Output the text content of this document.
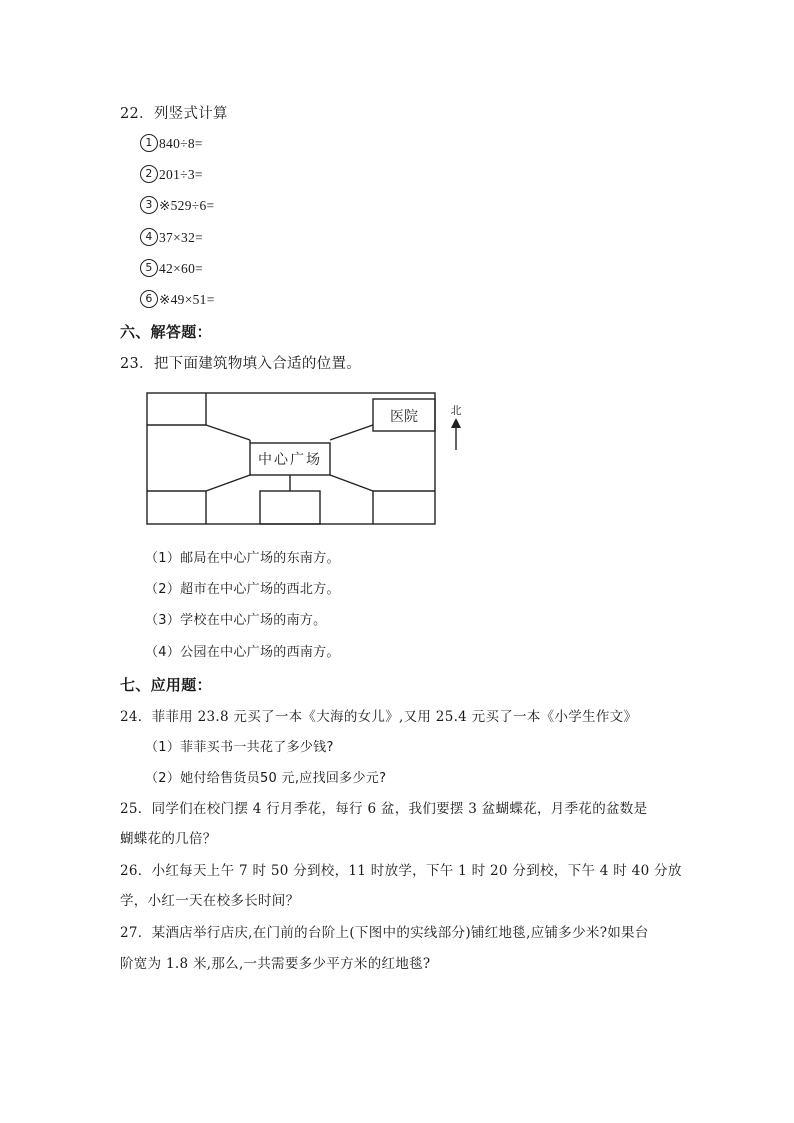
22．列竖式计算
1 840÷8=
2 201÷3=
3 ※529÷6=
4 37×32=
5 42×60=
6 ※49×51=
六、解答题：
23．把下面建筑物填入合适的位置。
医院
中心广场
北
（1）邮局在中心广场的东南方。
（2）超市在中心广场的西北方。
（3）学校在中心广场的南方。
（4）公园在中心广场的西南方。
七、应用题：
24．菲菲用 23.8 元买了一本《大海的女儿》,又用 25.4 元买了一本《小学生作文》
（1）菲菲买书一共花了多少钱?
（2）她付给售货员50 元,应找回多少元?
25．同学们在校门摆 4 行月季花，每行 6 盆，我们要摆 3 盆蝴蝶花，月季花的盆数是
蝴蝶花的几倍？
26．小红每天上午 7 时 50 分到校，11 时放学，下午 1 时 20 分到校，下午 4 时 40 分放
学，小红一天在校多长时间？
27．某酒店举行店庆,在门前的台阶上(下图中的实线部分)铺红地毯,应铺多少米?如果台
阶宽为 1.8 米,那么,一共需要多少平方米的红地毯?
